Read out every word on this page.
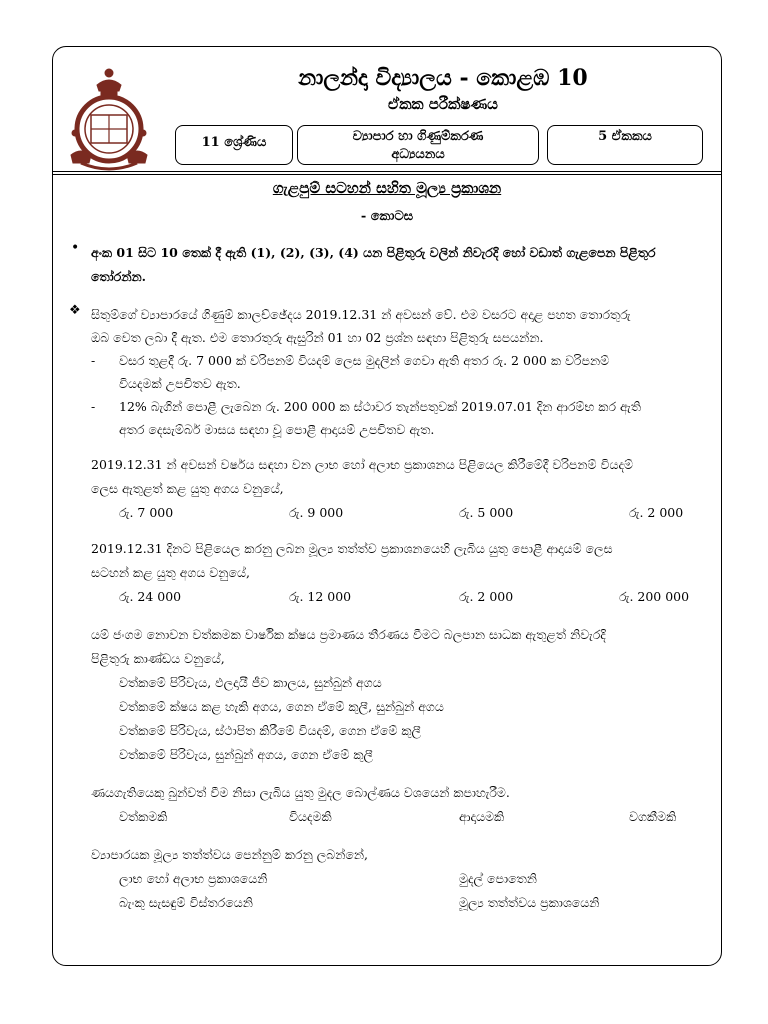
නාලන්දා විද්‍යාලය - කොළඹ 10
ඒකක පරීක්ෂණය
11 ශ්‍රේණිය	ව්‍යාපාර හා ගිණුම්කරණ
අධ්‍යයනය
5 ඒකකය
ගැළපුම් සටහන් සහිත මූල්‍ය ප්‍රකාශන
- කොටස
• අංක 01 සිට 10 තෙක් දී ඇති (1), (2), (3), (4) යන පිළිතුරු වලින් නිවැරදි හෝ වඩාත් ගැළපෙන පිළිතුර
තෝරන්න.
❖ සිතුම්ගේ ව්‍යාපාරයේ ගිණුම් කාලච්ඡේදය 2019.12.31 න් අවසන් වේ. එම වසරට අදාළ පහත තොරතුරු
ඔබ වෙත ලබා දී ඇත. එම තොරතුරු ඇසුරින් 01 හා 02 ප්‍රශ්න සඳහා පිළිතුරු සපයන්න.
- වසර තුළදී රු. 7 000 ක් වරිපනම් වියදම් ලෙස මුදලින් ගෙවා ඇති අතර රු. 2 000 ක වරිපනම්
වියදමක් උපචිතව ඇත.
- 12% බැගින් පොළී ලැබෙන රු. 200 000 ක ස්ථාවර තැන්පතුවක් 2019.07.01 දින ආරම්භ කර ඇති
අතර දෙසැම්බර් මාසය සඳහා වූ පොළී ආදායම් උපචිතව ඇත.
2019.12.31 න් අවසන් වර්ෂය සඳහා වන ලාභ හෝ අලාභ ප්‍රකාශනය පිළියෙල කිරීමේදී වරිපනම් වියදම්
ලෙස ඇතුළත් කළ යුතු අගය වනුයේ,
රු. 7 000	රු. 9 000	රු. 5 000	රු. 2 000
2019.12.31 දිනට පිළියෙල කරනු ලබන මූල්‍ය තත්ත්ව ප්‍රකාශනයෙහි ලැබිය යුතු පොළී ආදායම් ලෙස
සටහන් කළ යුතු අගය වනුයේ,
රු. 24 000	රු. 12 000	රු. 2 000	රු. 200 000
යම් ජංගම නොවන වත්කමක වාර්ෂික ක්ෂය ප්‍රමාණය තීරණය වීමට බලපාන සාධක ඇතුළත් නිවැරදි
පිළිතුරු කාණ්ඩය වනුයේ,
වත්කමේ පිරිවැය, ඵලදායී ජීව කාලය, සුන්බුන් අගය
වත්කමේ ක්ෂය කළ හැකි අගය, ගෙන ඒමේ කුලී, සුන්බුන් අගය
වත්කමේ පිරිවැය, ස්ථාපිත කිරීමේ වියදම්, ගෙන ඒමේ කුලී
වත්කමේ පිරිවැය, සුන්බුන් අගය, ගෙන ඒමේ කුලී
ණයගැතියෙකු බුන්වත් වීම නිසා ලැබිය යුතු මුදල බොල්ණය වශයෙන් කපාහැරීම.
වත්කමකි	වියදමකි	ආදායමකි	වගකීමකි
ව්‍යාපාරයක මූල්‍ය තත්ත්වය පෙන්නුම් කරනු ලබන්නේ,
ලාභ හෝ අලාභ ප්‍රකාශයෙනි	මුදල් පොතෙනි
බැංකු සැසඳුම් විස්තරයෙනි	මූල්‍ය තත්ත්වය ප්‍රකාශයෙනි
